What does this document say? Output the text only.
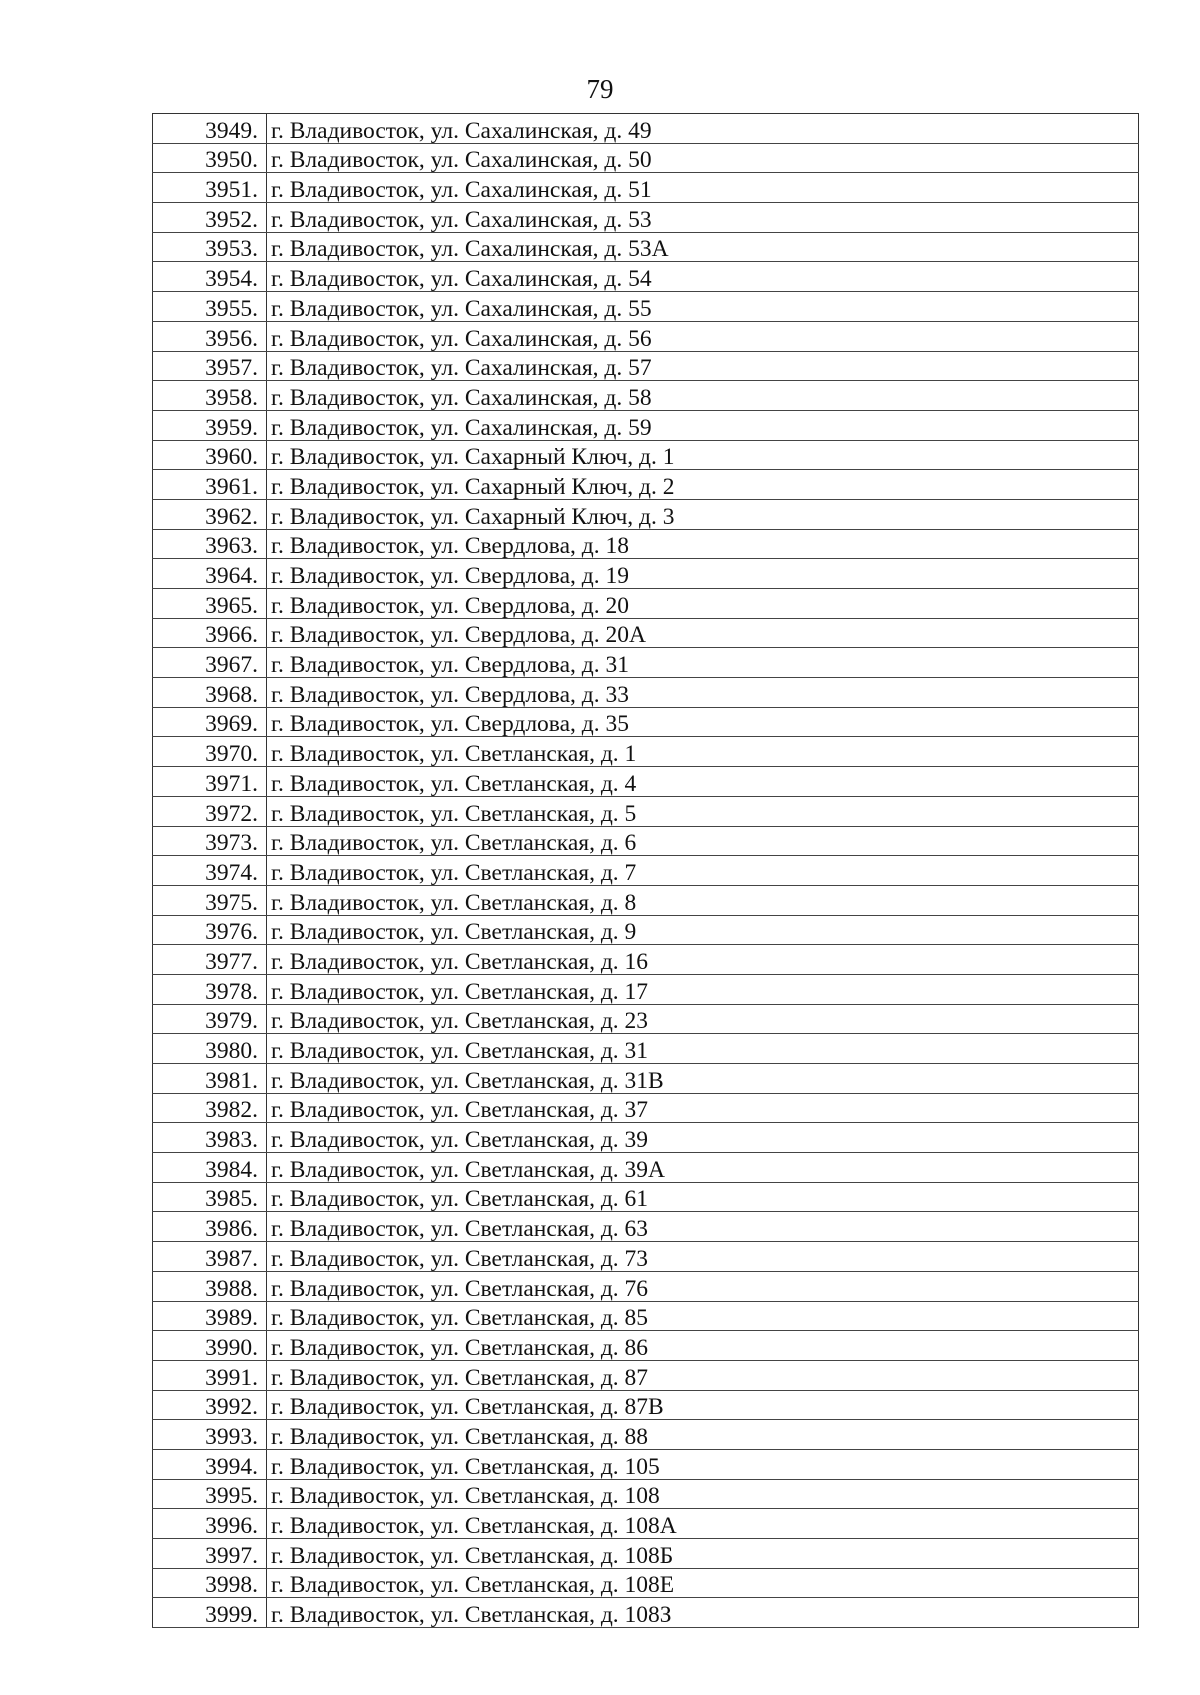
79
3949.	г. Владивосток, ул. Сахалинская, д. 49
3950.	г. Владивосток, ул. Сахалинская, д. 50
3951.	г. Владивосток, ул. Сахалинская, д. 51
3952.	г. Владивосток, ул. Сахалинская, д. 53
3953.	г. Владивосток, ул. Сахалинская, д. 53А
3954.	г. Владивосток, ул. Сахалинская, д. 54
3955.	г. Владивосток, ул. Сахалинская, д. 55
3956.	г. Владивосток, ул. Сахалинская, д. 56
3957.	г. Владивосток, ул. Сахалинская, д. 57
3958.	г. Владивосток, ул. Сахалинская, д. 58
3959.	г. Владивосток, ул. Сахалинская, д. 59
3960.	г. Владивосток, ул. Сахарный Ключ, д. 1
3961.	г. Владивосток, ул. Сахарный Ключ, д. 2
3962.	г. Владивосток, ул. Сахарный Ключ, д. 3
3963.	г. Владивосток, ул. Свердлова, д. 18
3964.	г. Владивосток, ул. Свердлова, д. 19
3965.	г. Владивосток, ул. Свердлова, д. 20
3966.	г. Владивосток, ул. Свердлова, д. 20А
3967.	г. Владивосток, ул. Свердлова, д. 31
3968.	г. Владивосток, ул. Свердлова, д. 33
3969.	г. Владивосток, ул. Свердлова, д. 35
3970.	г. Владивосток, ул. Светланская, д. 1
3971.	г. Владивосток, ул. Светланская, д. 4
3972.	г. Владивосток, ул. Светланская, д. 5
3973.	г. Владивосток, ул. Светланская, д. 6
3974.	г. Владивосток, ул. Светланская, д. 7
3975.	г. Владивосток, ул. Светланская, д. 8
3976.	г. Владивосток, ул. Светланская, д. 9
3977.	г. Владивосток, ул. Светланская, д. 16
3978.	г. Владивосток, ул. Светланская, д. 17
3979.	г. Владивосток, ул. Светланская, д. 23
3980.	г. Владивосток, ул. Светланская, д. 31
3981.	г. Владивосток, ул. Светланская, д. 31В
3982.	г. Владивосток, ул. Светланская, д. 37
3983.	г. Владивосток, ул. Светланская, д. 39
3984.	г. Владивосток, ул. Светланская, д. 39А
3985.	г. Владивосток, ул. Светланская, д. 61
3986.	г. Владивосток, ул. Светланская, д. 63
3987.	г. Владивосток, ул. Светланская, д. 73
3988.	г. Владивосток, ул. Светланская, д. 76
3989.	г. Владивосток, ул. Светланская, д. 85
3990.	г. Владивосток, ул. Светланская, д. 86
3991.	г. Владивосток, ул. Светланская, д. 87
3992.	г. Владивосток, ул. Светланская, д. 87В
3993.	г. Владивосток, ул. Светланская, д. 88
3994.	г. Владивосток, ул. Светланская, д. 105
3995.	г. Владивосток, ул. Светланская, д. 108
3996.	г. Владивосток, ул. Светланская, д. 108А
3997.	г. Владивосток, ул. Светланская, д. 108Б
3998.	г. Владивосток, ул. Светланская, д. 108Е
3999.	г. Владивосток, ул. Светланская, д. 108З
